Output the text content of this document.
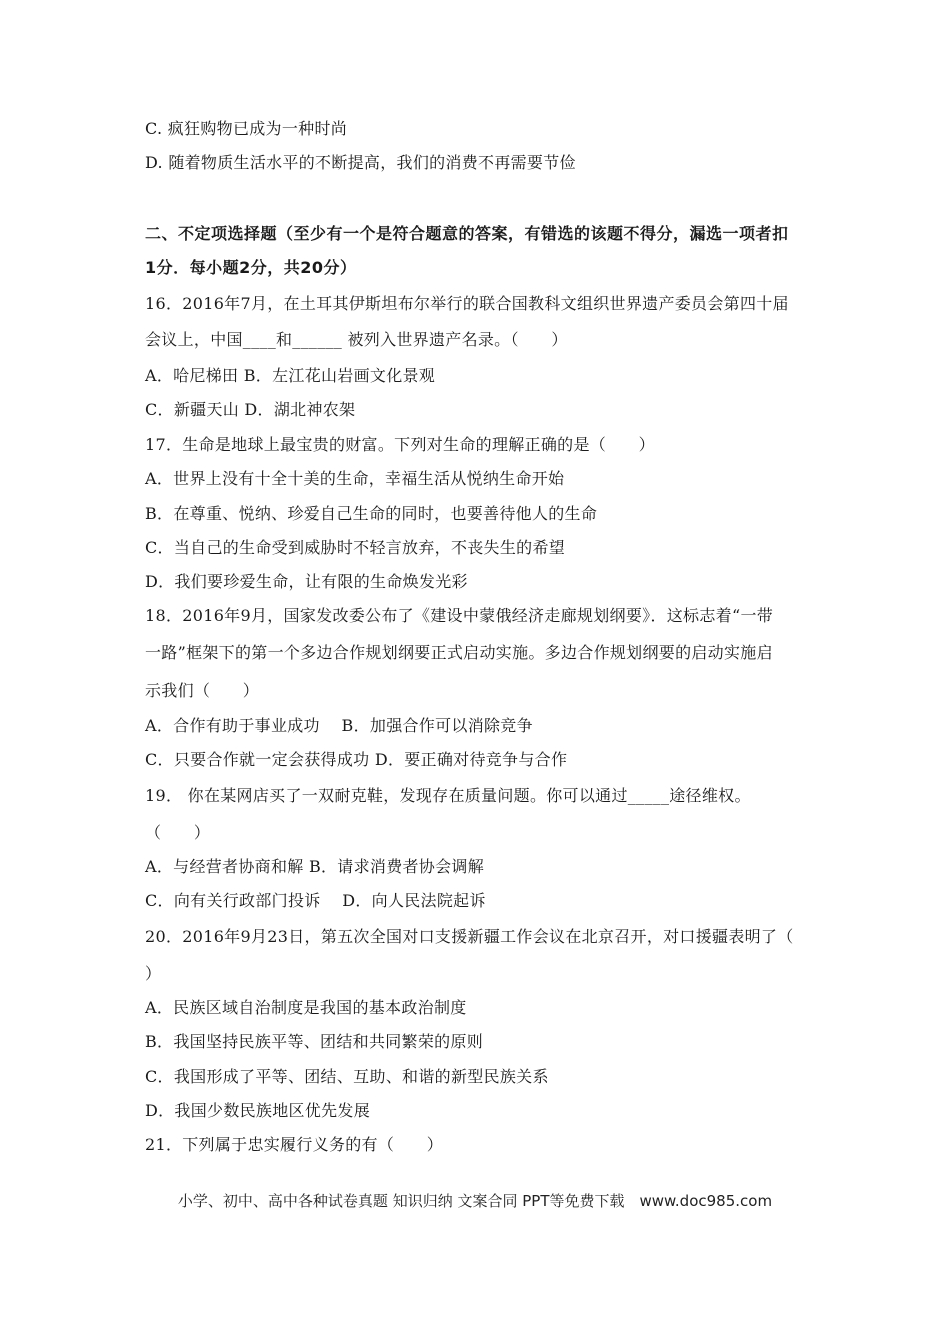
C. 疯狂购物已成为一种时尚
D. 随着物质生活水平的不断提高，我们的消费不再需要节俭
二、不定项选择题（至少有一个是符合题意的答案，有错选的该题不得分，漏选一项者扣
1分．每小题2分，共20分）
16．2016年7月，在土耳其伊斯坦布尔举行的联合国教科文组织世界遗产委员会第四十届
会议上，中国____和______ 被列入世界遗产名录。（　　）
A．哈尼梯田 B．左江花山岩画文化景观
C．新疆天山 D．湖北神农架
17．生命是地球上最宝贵的财富。下列对生命的理解正确的是（　　）
A．世界上没有十全十美的生命，幸福生活从悦纳生命开始
B．在尊重、悦纳、珍爱自己生命的同时，也要善待他人的生命
C．当自己的生命受到威胁时不轻言放弃，不丧失生的希望
D．我们要珍爱生命，让有限的生命焕发光彩
18．2016年9月，国家发改委公布了《建设中蒙俄经济走廊规划纲要》．这标志着“一带
一路”框架下的第一个多边合作规划纲要正式启动实施。多边合作规划纲要的启动实施启
示我们（　　）
A．合作有助于事业成功　 B．加强合作可以消除竞争
C．只要合作就一定会获得成功 D．要正确对待竞争与合作
19． 你在某网店买了一双耐克鞋，发现存在质量问题。你可以通过_____途径维权。
（　　）
A．与经营者协商和解 B．请求消费者协会调解
C．向有关行政部门投诉　 D．向人民法院起诉
20．2016年9月23日，第五次全国对口支援新疆工作会议在北京召开，对口援疆表明了（
）
A．民族区域自治制度是我国的基本政治制度
B．我国坚持民族平等、团结和共同繁荣的原则
C．我国形成了平等、团结、互助、和谐的新型民族关系
D．我国少数民族地区优先发展
21．下列属于忠实履行义务的有（　　）
小学、初中、高中各种试卷真题 知识归纳 文案合同 PPT等免费下载　www.doc985.com
